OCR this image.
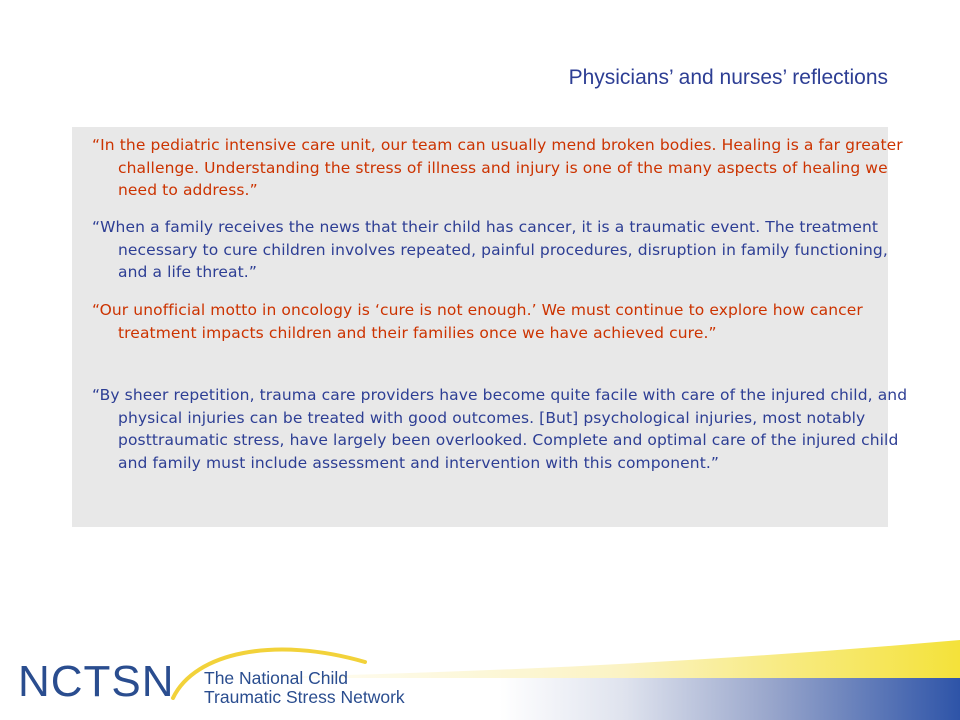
Physicians’ and nurses’ reflections

“In the pediatric intensive care unit, our team can usually mend broken bodies. Healing is a far greater challenge. Understanding the stress of illness and injury is one of the many aspects of healing we need to address.”

“When a family receives the news that their child has cancer, it is a traumatic event. The treatment necessary to cure children involves repeated, painful procedures, disruption in family functioning, and a life threat.”

“Our unofficial motto in oncology is ‘cure is not enough.’ We must continue to explore how cancer treatment impacts children and their families once we have achieved cure.”

“By sheer repetition, trauma care providers have become quite facile with care of the injured child, and physical injuries can be treated with good outcomes. [But] psychological injuries, most notably posttraumatic stress, have largely been overlooked. Complete and optimal care of the injured child and family must include assessment and intervention with this component.”

NCTSN The National Child
Traumatic Stress Network
